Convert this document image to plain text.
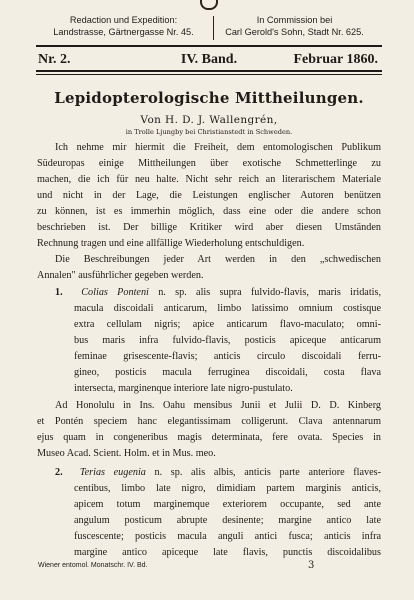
Redaction und Expedition:
Landstrasse, Gärtnergasse Nr. 45.
In Commission bei
Carl Gerold's Sohn, Stadt Nr. 625.
Nr. 2.	IV. Band.	Februar 1860.
Lepidopterologische Mittheilungen.
Von H. D. J. Wallengrén,
in Trolle Ljungby bei Christianstedt in Schweden.
Ich nehme mir hiermit die Freiheit, dem entomologischen Publikum
Südeuropas einige Mittheilungen über exotische Schmetterlinge zu
machen, die ich für neu halte. Nicht sehr reich an literarischem Materiale
und nicht in der Lage, die Leistungen englischer Autoren benützen
zu können, ist es immerhin möglich, dass eine oder die andere schon
beschrieben ist. Der billige Kritiker wird aber diesen Umständen
Rechnung tragen und eine allfällige Wiederholung entschuldigen.
Die Beschreibungen jeder Art werden in den „schwedischen
Annalen" ausführlicher gegeben werden.
1. Colias Ponteni n. sp. alis supra fulvido-flavis, maris iridatis,
macula discoidali anticarum, limbo latissimo omnium costisque
extra cellulam nigris; apice anticarum flavo-maculato; omni-
bus maris infra fulvido-flavis, posticis apiceque anticarum
feminae grisescente-flavis; anticis circulo discoidali ferru-
gineo, posticis macula ferruginea discoidali, costa flava
intersecta, marginenque interiore late nigro-pustulato.
Ad Honolulu in Ins. Oahu mensibus Junii et Julii D. D. Kinberg
et Pontén speciem hanc elegantissimam colligerunt. Clava antennarum
ejus quam in congeneribus magis determinata, fere ovata. Species in
Museo Acad. Scient. Holm. et in Mus. meo.
2. Terias eugenia n. sp. alis albis, anticis parte anteriore flaves-
centibus, limbo late nigro, dimidiam partem marginis anticis,
apicem totum marginemque exteriorem occupante, sed ante
angulum posticum abrupte desinente; margine antico late
fuscescente; posticis macula anguli antici fusca; anticis infra
margine antico apiceque late flavis, punctis discoidalibus
Wiener entomol. Monatschr. IV. Bd.	3
